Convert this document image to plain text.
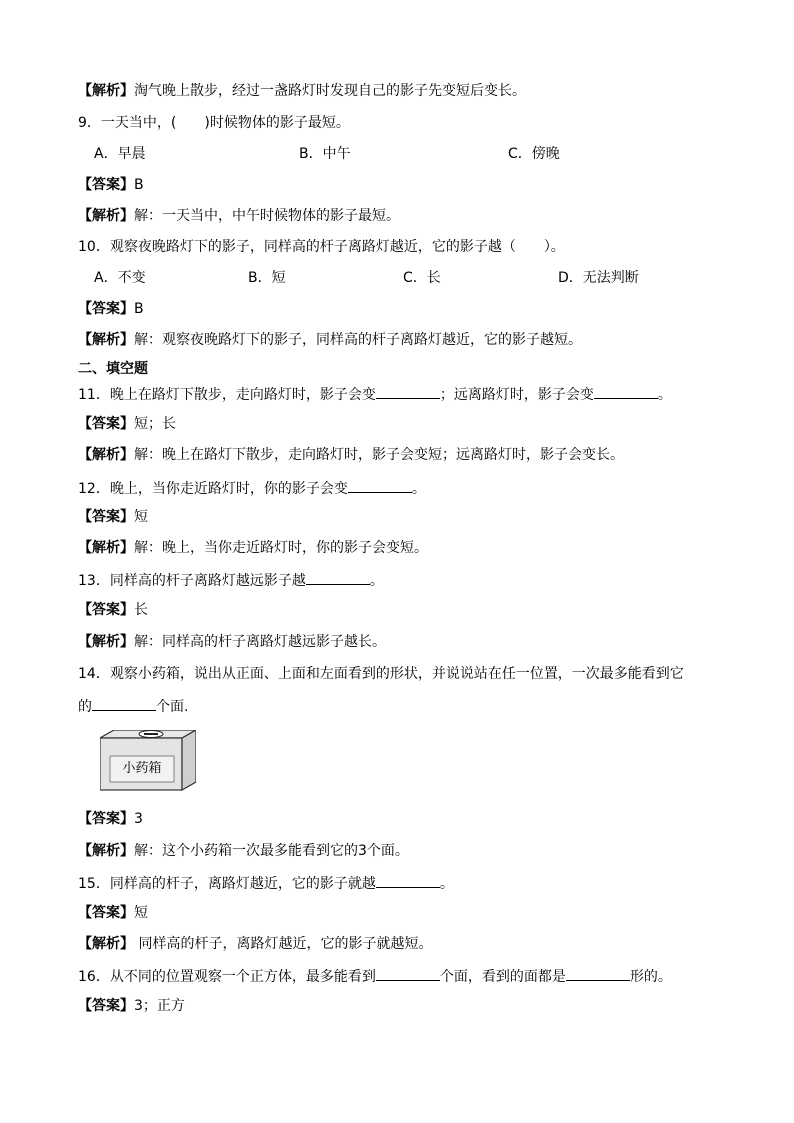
【解析】淘气晚上散步，经过一盏路灯时发现自己的影子先变短后变长。
9．一天当中，(　　)时候物体的影子最短。
A．早晨	B．中午	C．傍晚
【答案】B
【解析】解：一天当中，中午时候物体的影子最短。
10．观察夜晚路灯下的影子，同样高的杆子离路灯越近，它的影子越（　　）。
A．不变	B．短	C．长	D．无法判断
【答案】B
【解析】解：观察夜晚路灯下的影子，同样高的杆子离路灯越近，它的影子越短。
二、填空题
11．晚上在路灯下散步，走向路灯时，影子会变	；远离路灯时，影子会变	。
【答案】短；长
【解析】解：晚上在路灯下散步，走向路灯时，影子会变短；远离路灯时，影子会变长。
12．晚上，当你走近路灯时，你的影子会变	。
【答案】短
【解析】解：晚上，当你走近路灯时，你的影子会变短。
13．同样高的杆子离路灯越远影子越	。
【答案】长
【解析】解：同样高的杆子离路灯越远影子越长。
14．观察小药箱，说出从正面、上面和左面看到的形状，并说说站在任一位置，一次最多能看到它
的	个面.
小药箱
【答案】3
【解析】解：这个小药箱一次最多能看到它的3个面。
15．同样高的杆子，离路灯越近，它的影子就越	。
【答案】短
【解析】 同样高的杆子，离路灯越近，它的影子就越短。
16．从不同的位置观察一个正方体，最多能看到	个面，看到的面都是	形的。
【答案】3；正方
